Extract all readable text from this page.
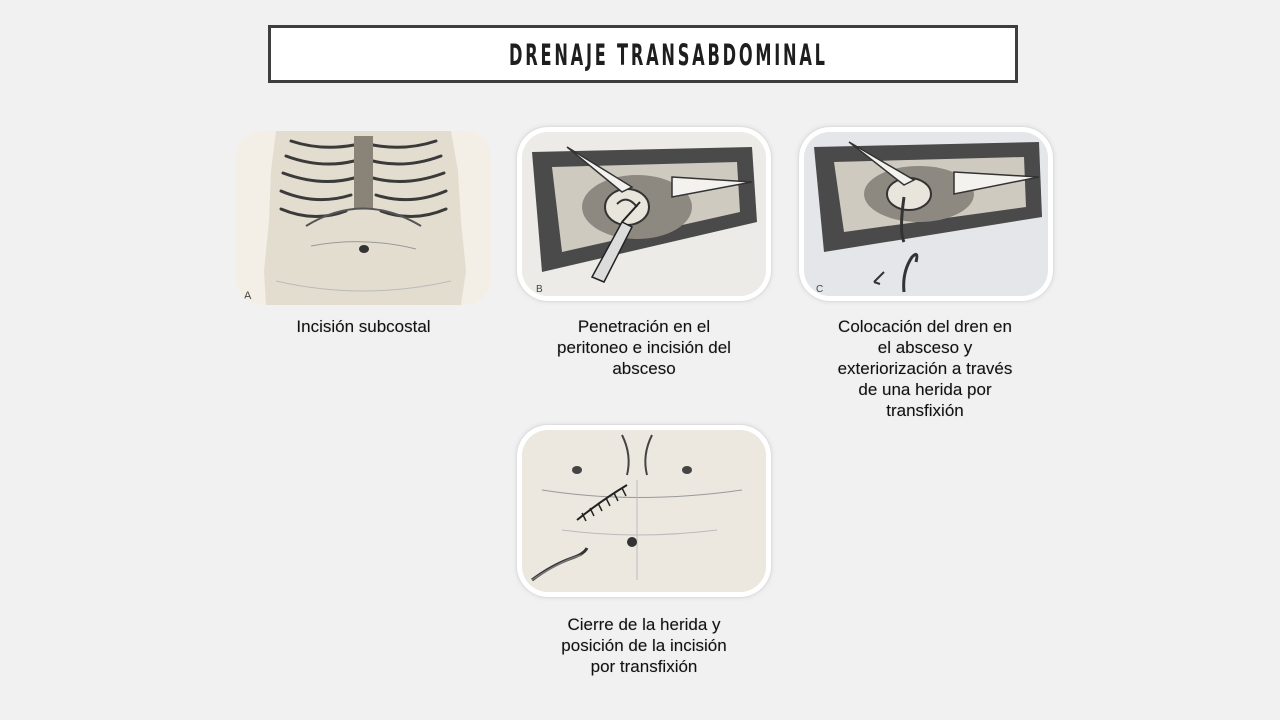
DRENAJE TRANSABDOMINAL
A
Incisión subcostal
B
Penetración en el
peritoneo e incisión del
absceso
C
Colocación del dren en
el absceso y
exteriorización a través
de una herida por
transfixión
Cierre de la herida y
posición de la incisión
por transfixión
